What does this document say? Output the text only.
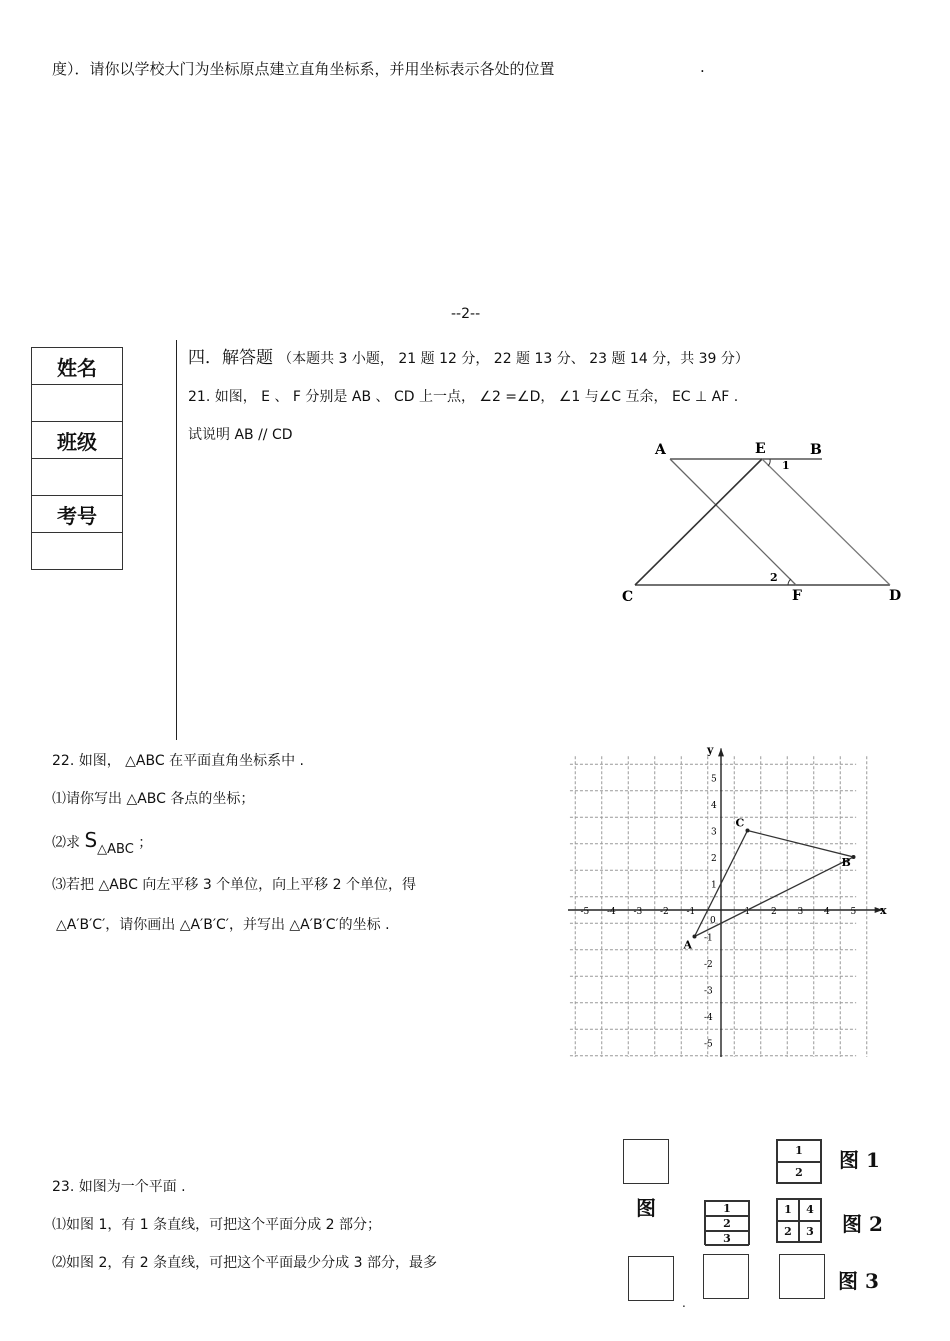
度）．请你以学校大门为坐标原点建立直角坐标系，并用坐标表示各处的位置	.
--2--
姓名
班级
考号
四．解答题 （本题共 3 小题， 21 题 12 分， 22 题 13 分、 23 题 14 分，共 39 分）
21. 如图， E 、 F 分别是 AB 、 CD 上一点， ∠2 =∠D， ∠1 与∠C 互余， EC ⊥ AF .
试说明 AB // CD
A	E	B
1
2
C	F	D
22. 如图， △ABC 在平面直角坐标系中 .
⑴请你写出 △ABC 各点的坐标；
⑵求 S△ABC ；
⑶若把 △ABC 向左平移 3 个单位，向上平移 2 个单位，得
△A′B′C′，请你画出 △A′B′C′，并写出 △A′B′C′的坐标 .
x
y
0
-5 -4 -3 -2 -1	1 2 3 4 5
5
4
3
2
1
-1
-2
-3
-4
-5
A
B
C
23. 如图为一个平面 .
⑴如图 1，有 1 条直线，可把这个平面分成 2 部分；
⑵如图 2，有 2 条直线，可把这个平面最少分成 3 部分，最多
图
1
2
图 1
1
2
3
1	4
2	3	图 2
图 3
.
